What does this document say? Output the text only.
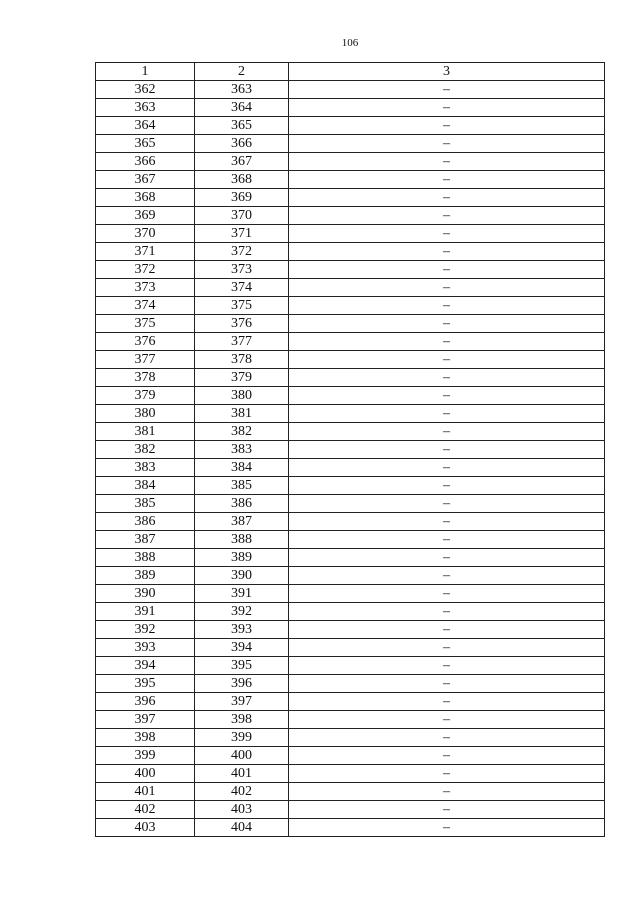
106
1	2	3
362	363	–
363	364	–
364	365	–
365	366	–
366	367	–
367	368	–
368	369	–
369	370	–
370	371	–
371	372	–
372	373	–
373	374	–
374	375	–
375	376	–
376	377	–
377	378	–
378	379	–
379	380	–
380	381	–
381	382	–
382	383	–
383	384	–
384	385	–
385	386	–
386	387	–
387	388	–
388	389	–
389	390	–
390	391	–
391	392	–
392	393	–
393	394	–
394	395	–
395	396	–
396	397	–
397	398	–
398	399	–
399	400	–
400	401	–
401	402	–
402	403	–
403	404	–
